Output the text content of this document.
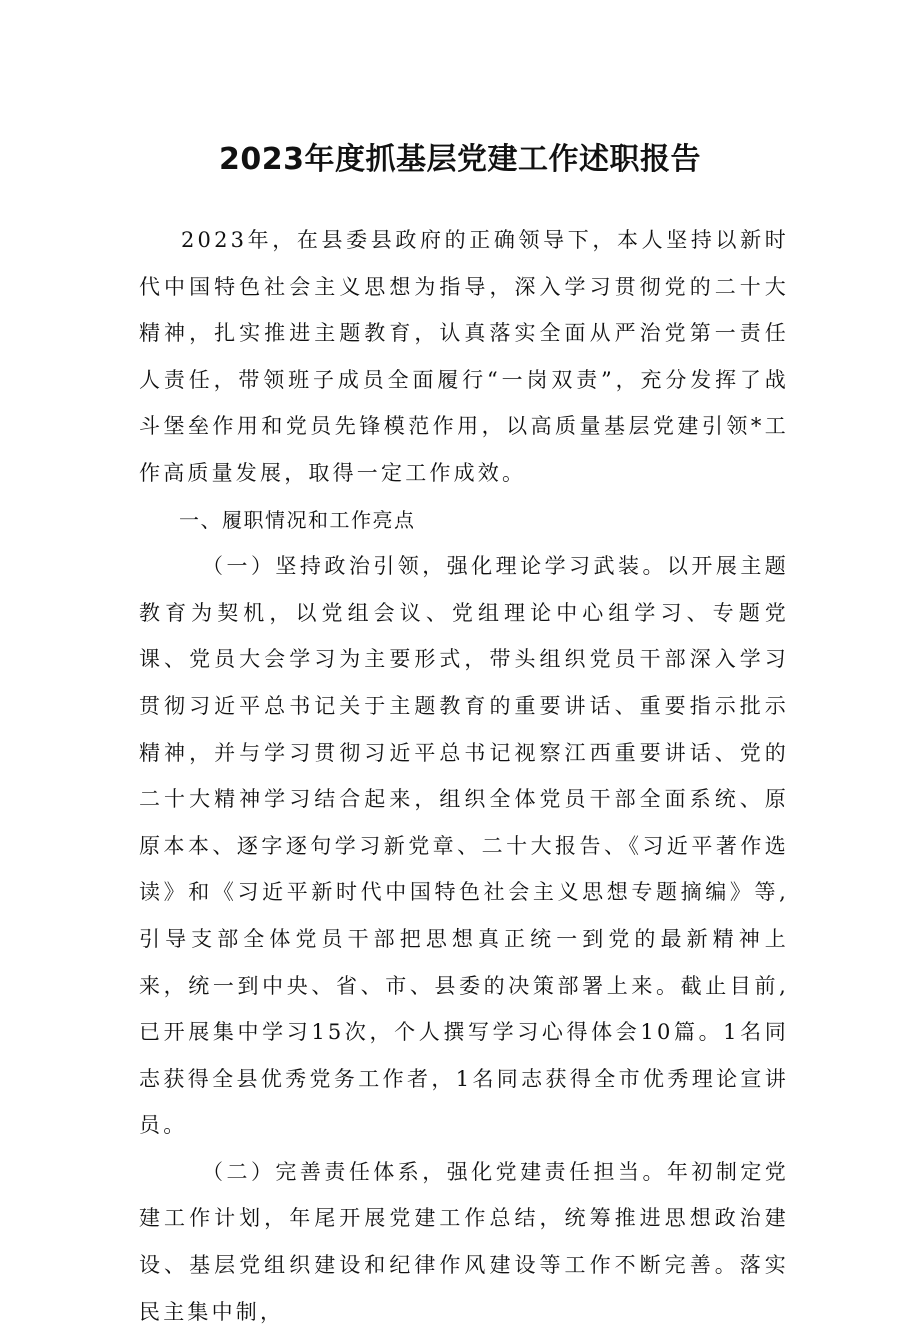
2023年度抓基层党建工作述职报告

2023年，在县委县政府的正确领导下，本人坚持以新时代中国特色社会主义思想为指导，深入学习贯彻党的二十大精神，扎实推进主题教育，认真落实全面从严治党第一责任人责任，带领班子成员全面履行“一岗双责”，充分发挥了战斗堡垒作用和党员先锋模范作用，以高质量基层党建引领*工作高质量发展，取得一定工作成效。

一、履职情况和工作亮点

（一）坚持政治引领，强化理论学习武装。以开展主题教育为契机，以党组会议、党组理论中心组学习、专题党课、党员大会学习为主要形式，带头组织党员干部深入学习贯彻习近平总书记关于主题教育的重要讲话、重要指示批示精神，并与学习贯彻习近平总书记视察江西重要讲话、党的二十大精神学习结合起来，组织全体党员干部全面系统、原原本本、逐字逐句学习新党章、二十大报告、《习近平著作选读》和《习近平新时代中国特色社会主义思想专题摘编》等,引导支部全体党员干部把思想真正统一到党的最新精神上来，统一到中央、省、市、县委的决策部署上来。截止目前,已开展集中学习15次，个人撰写学习心得体会10篇。1名同志获得全县优秀党务工作者，1名同志获得全市优秀理论宣讲员。

（二）完善责任体系，强化党建责任担当。年初制定党建工作计划，年尾开展党建工作总结，统筹推进思想政治建设、基层党组织建设和纪律作风建设等工作不断完善。落实民主集中制，
